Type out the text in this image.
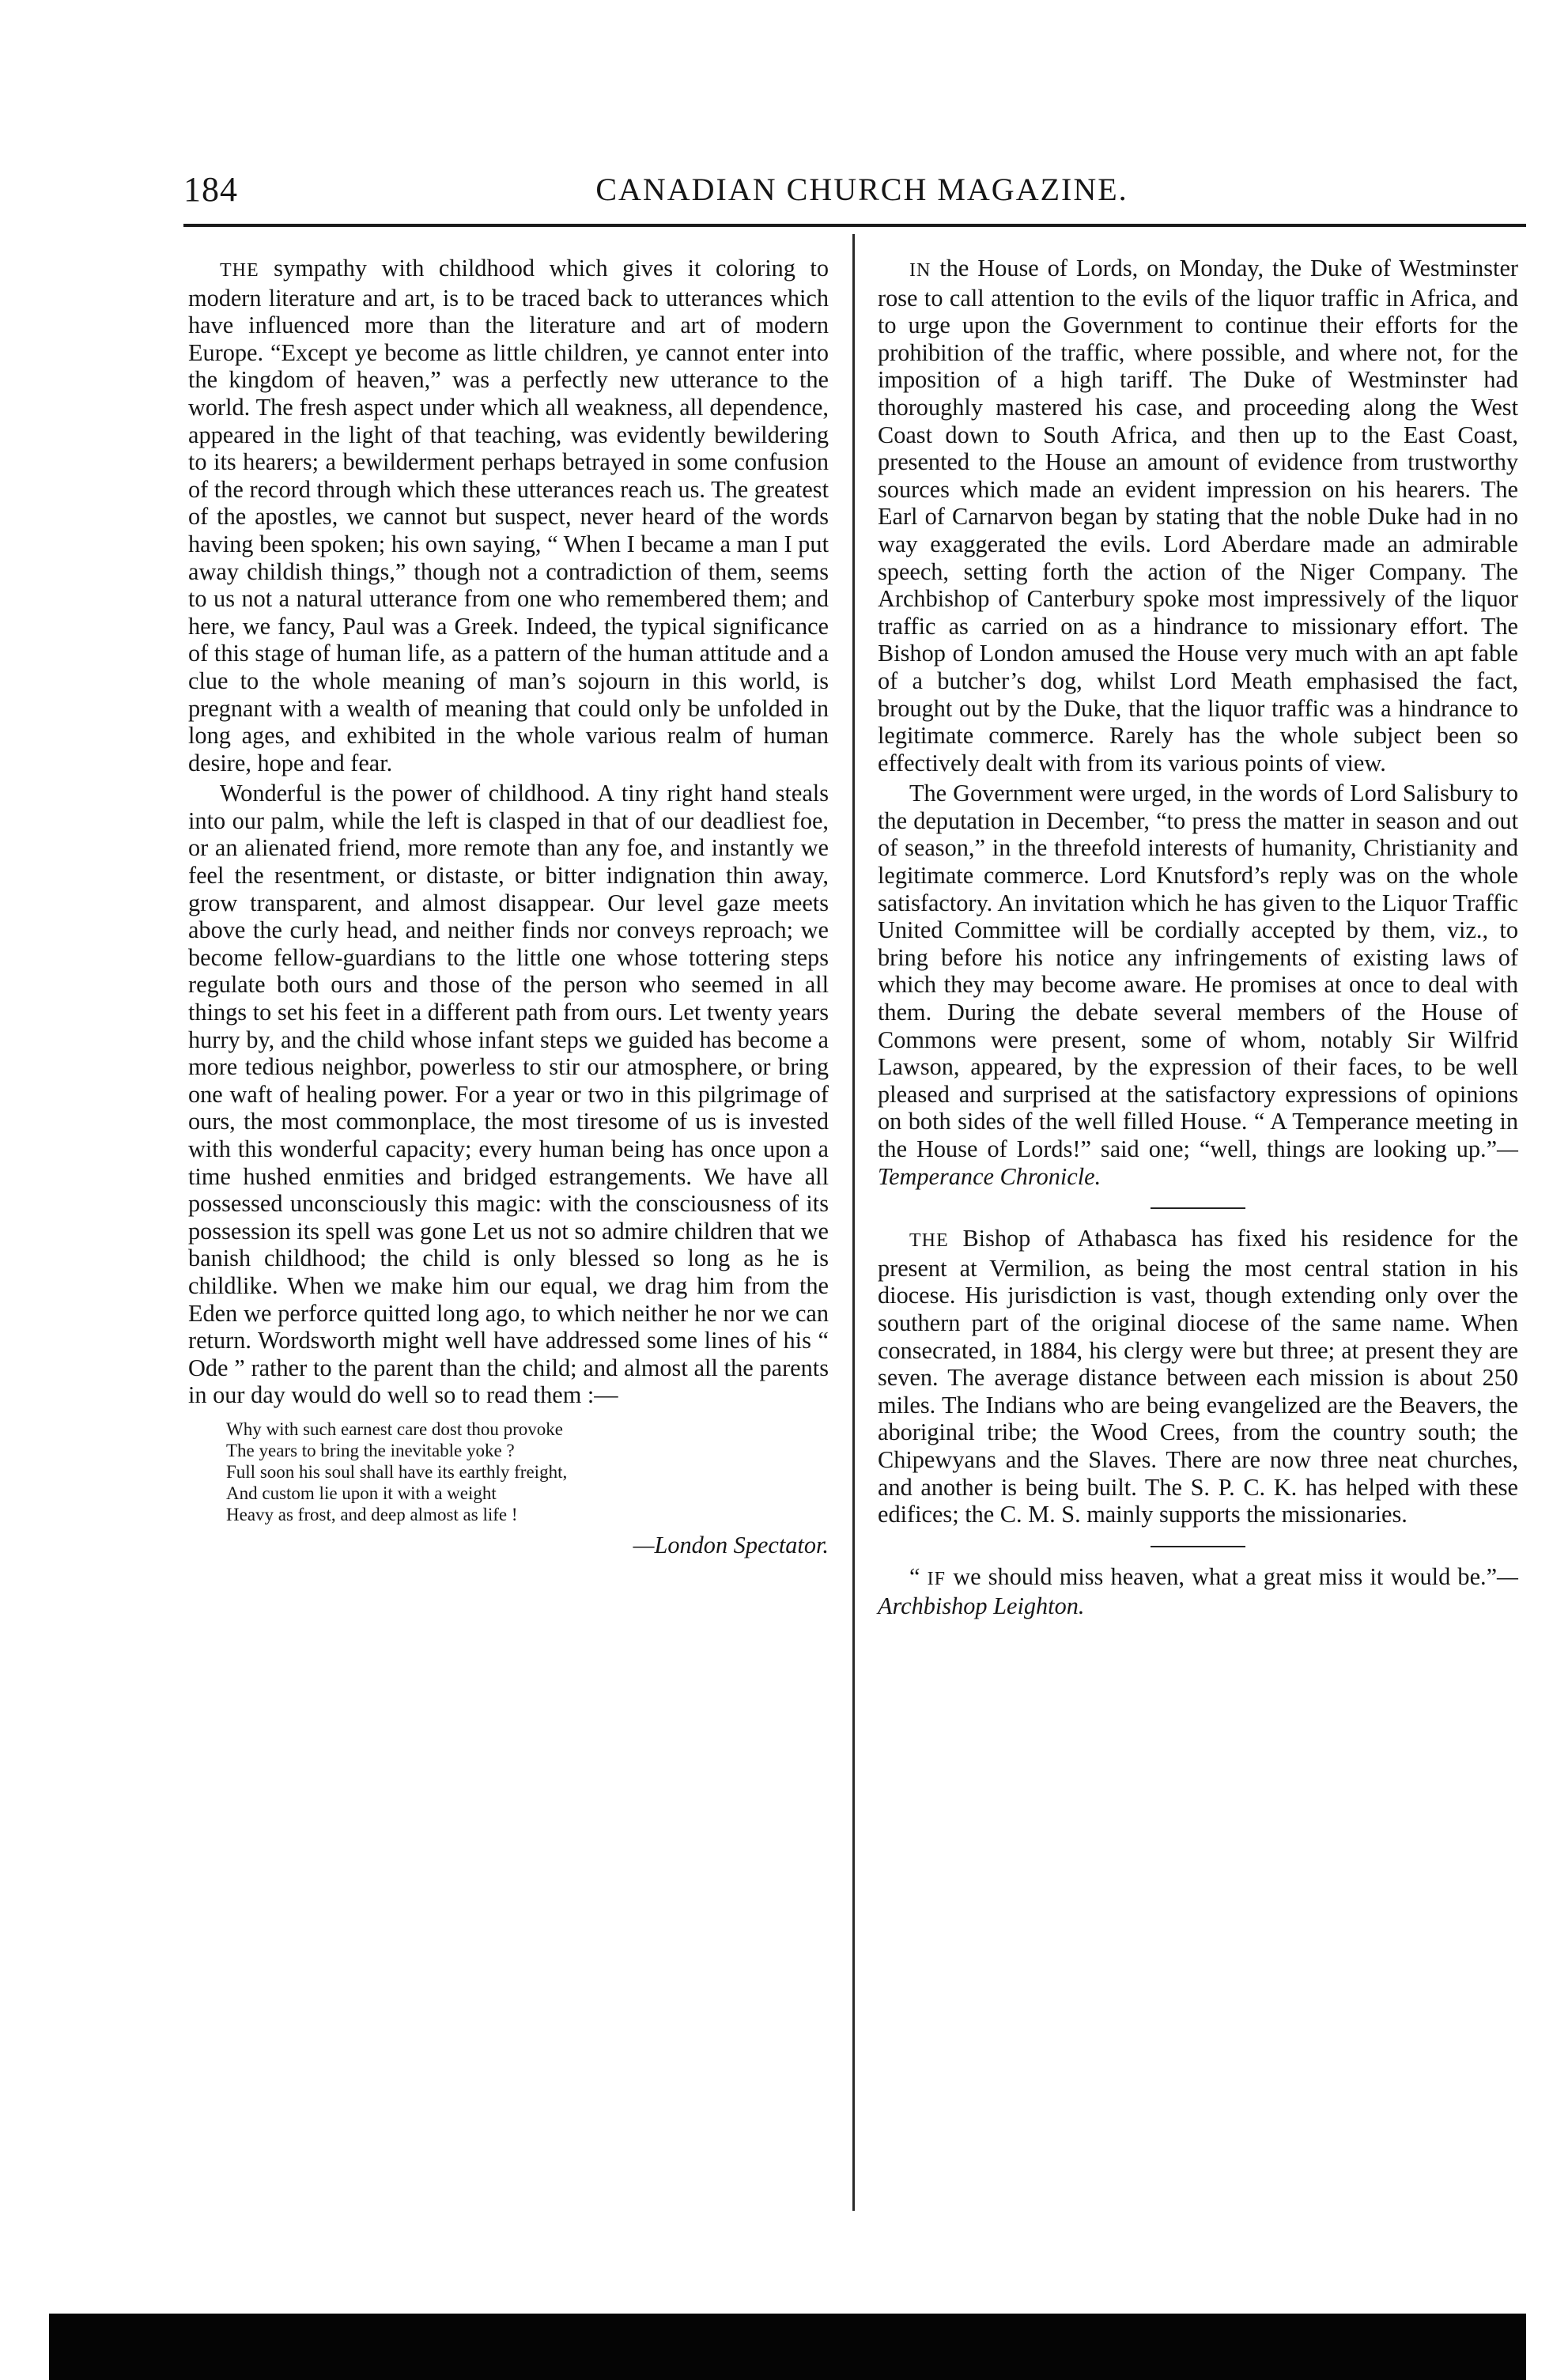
184	CANADIAN CHURCH MAGAZINE.

THE sympathy with childhood which gives it coloring to modern literature and art, is to be traced back to utterances which have influenced more than the literature and art of modern Europe. “Except ye become as little children, ye cannot enter into the kingdom of heaven,” was a perfectly new utterance to the world. The fresh aspect under which all weakness, all dependence, appeared in the light of that teaching, was evidently bewildering to its hearers; a bewilderment perhaps betrayed in some confusion of the record through which these utterances reach us. The greatest of the apostles, we cannot but suspect, never heard of the words having been spoken; his own saying, “ When I became a man I put away childish things,” though not a contradiction of them, seems to us not a natural utterance from one who remembered them; and here, we fancy, Paul was a Greek. Indeed, the typical significance of this stage of human life, as a pattern of the human attitude and a clue to the whole meaning of man’s sojourn in this world, is pregnant with a wealth of meaning that could only be unfolded in long ages, and exhibited in the whole various realm of human desire, hope and fear.

Wonderful is the power of childhood. A tiny right hand steals into our palm, while the left is clasped in that of our deadliest foe, or an alienated friend, more remote than any foe, and instantly we feel the resentment, or distaste, or bitter indignation thin away, grow transparent, and almost disappear. Our level gaze meets above the curly head, and neither finds nor conveys reproach; we become fellow-guardians to the little one whose tottering steps regulate both ours and those of the person who seemed in all things to set his feet in a different path from ours. Let twenty years hurry by, and the child whose infant steps we guided has become a more tedious neighbor, powerless to stir our atmosphere, or bring one waft of healing power. For a year or two in this pilgrimage of ours, the most commonplace, the most tiresome of us is invested with this wonderful capacity; every human being has once upon a time hushed enmities and bridged estrangements. We have all possessed unconsciously this magic: with the consciousness of its possession its spell was gone Let us not so admire children that we banish childhood; the child is only blessed so long as he is childlike. When we make him our equal, we drag him from the Eden we perforce quitted long ago, to which neither he nor we can return. Wordsworth might well have addressed some lines of his “ Ode ” rather to the parent than the child; and almost all the parents in our day would do well so to read them :—

Why with such earnest care dost thou provoke
The years to bring the inevitable yoke ?
Full soon his soul shall have its earthly freight,
And custom lie upon it with a weight
Heavy as frost, and deep almost as life !

—London Spectator.

IN the House of Lords, on Monday, the Duke of Westminster rose to call attention to the evils of the liquor traffic in Africa, and to urge upon the Government to continue their efforts for the prohibition of the traffic, where possible, and where not, for the imposition of a high tariff. The Duke of Westminster had thoroughly mastered his case, and proceeding along the West Coast down to South Africa, and then up to the East Coast, presented to the House an amount of evidence from trustworthy sources which made an evident impression on his hearers. The Earl of Carnarvon began by stating that the noble Duke had in no way exaggerated the evils. Lord Aberdare made an admirable speech, setting forth the action of the Niger Company. The Archbishop of Canterbury spoke most impressively of the liquor traffic as carried on as a hindrance to missionary effort. The Bishop of London amused the House very much with an apt fable of a butcher’s dog, whilst Lord Meath emphasised the fact, brought out by the Duke, that the liquor traffic was a hindrance to legitimate commerce. Rarely has the whole subject been so effectively dealt with from its various points of view.

The Government were urged, in the words of Lord Salisbury to the deputation in December, “to press the matter in season and out of season,” in the threefold interests of humanity, Christianity and legitimate commerce. Lord Knutsford’s reply was on the whole satisfactory. An invitation which he has given to the Liquor Traffic United Committee will be cordially accepted by them, viz., to bring before his notice any infringements of existing laws of which they may become aware. He promises at once to deal with them. During the debate several members of the House of Commons were present, some of whom, notably Sir Wilfrid Lawson, appeared, by the expression of their faces, to be well pleased and surprised at the satisfactory expressions of opinions on both sides of the well filled House. “ A Temperance meeting in the House of Lords!” said one; “well, things are looking up.”—Temperance Chronicle.

THE Bishop of Athabasca has fixed his residence for the present at Vermilion, as being the most central station in his diocese. His jurisdiction is vast, though extending only over the southern part of the original diocese of the same name. When consecrated, in 1884, his clergy were but three; at present they are seven. The average distance between each mission is about 250 miles. The Indians who are being evangelized are the Beavers, the aboriginal tribe; the Wood Crees, from the country south; the Chipewyans and the Slaves. There are now three neat churches, and another is being built. The S. P. C. K. has helped with these edifices; the C. M. S. mainly supports the missionaries.

“ IF we should miss heaven, what a great miss it would be.”—Archbishop Leighton.
